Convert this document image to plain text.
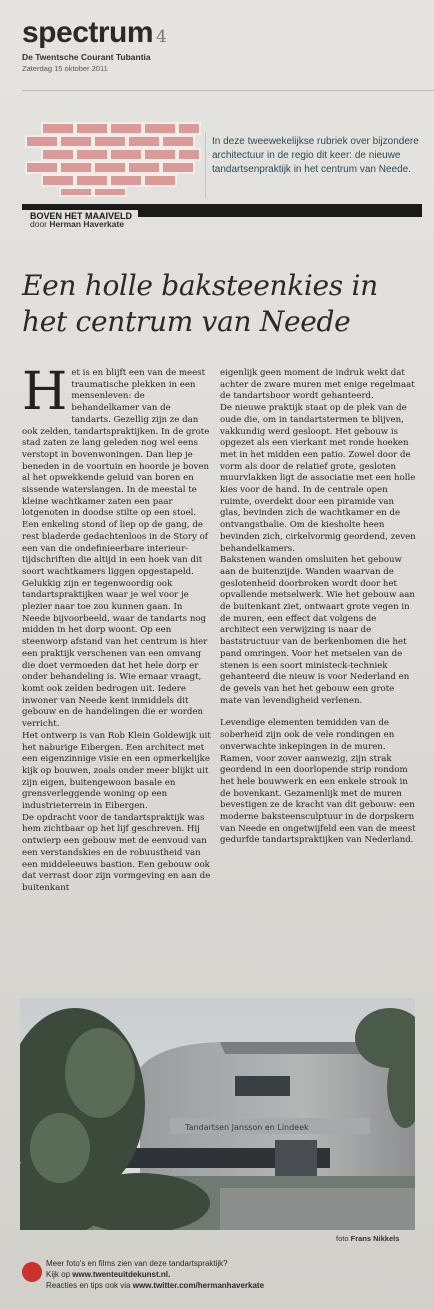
spectrum 4
De Twentsche Courant Tubantia
Zaterdag 15 oktober 2011
In deze tweewekelijkse rubriek over bijzondere architectuur in de regio dit keer: de nieuwe tandartsenpraktijk in het centrum van Neede.
BOVEN HET MAAIVELD
door Herman Haverkate
Een holle baksteenkies in
het centrum van Neede
H et is en blijft een van de meest traumatische plekken in een mensenleven: de behandelkamer van de tandarts. Gezellig zijn ze dan ook zelden, tandartspraktijken. In de grote stad zaten ze lang geleden nog wel eens verstopt in bovenwoningen. Dan liep je beneden in de voortuin en hoorde je boven al het opwekkende geluid van boren en sissende waterslangen. In de meestal te kleine wachtkamer zaten een paar lotgenoten in doodse stilte op een stoel. Een enkeling stond of liep op de gang, de rest bladerde gedachtenloos in de Story of een van die ondefinieerbare interieur-tijdschriften die altijd in een hoek van dit soort wachtkamers liggen opgestapeld.

Gelukkig zijn er tegenwoordig ook tandartspraktijken waar je wel voor je plezier naar toe zou kunnen gaan. In Neede bijvoorbeeld, waar de tandarts nog midden in het dorp woont. Op een steenworp afstand van het centrum is hier een praktijk verschenen van een omvang die doet vermoeden dat het hele dorp er onder behandeling is. Wie ernaar vraagt, komt ook zelden bedrogen uit. Iedere inwoner van Neede kent inmiddels dit gebouw en de handelingen die er worden verricht.

Het ontwerp is van Rob Klein Goldewijk uit het naburige Eibergen. Een architect met een eigenzinnige visie en een opmerkelijke kijk op bouwen, zoals onder meer blijkt uit zijn eigen, buitengewoon basale en grensverleggende woning op een industrieterrein in Eibergen.

De opdracht voor de tandartspraktijk was hem zichtbaar op het lijf geschreven. Hij ontwierp een gebouw met de eenvoud van een verstandskies en de robuustheid van een middeleeuws bastion. Een gebouw ook dat verrast door zijn vormgeving en aan de buitenkant

eigenlijk geen moment de indruk wekt dat achter de zware muren met enige regelmaat de tandartsboor wordt gehanteerd.

De nieuwe praktijk staat op de plek van de oude die, om in tandartstermen te blijven, vakkundig werd gesloopt. Het gebouw is opgezet als een vierkant met ronde hoeken met in het midden een patio. Zowel door de vorm als door de relatief grote, gesloten muurvlakken ligt de associatie met een holle kies voor de hand. In de centrale open ruimte, overdekt door een piramide van glas, bevinden zich de wachtkamer en de ontvangstbalie. Om de kiesholte heen bevinden zich, cirkelvormig geordend, zeven behandelkamers.

Bakstenen wanden omsluiten het gebouw aan de buitenzijde. Wanden waarvan de geslotenheid doorbroken wordt door het opvallende metselwerk. Wie het gebouw aan de buitenkant ziet, ontwaart grote vegen in de muren, een effect dat volgens de architect een verwijzing is naar de baststructuur van de berkenbomen die het pand omringen. Voor het metselen van de stenen is een soort ministeck-techniek gehanteerd die nieuw is voor Nederland en de gevels van het het gebouw een grote mate van levendigheid verlenen.

Levendige elementen temidden van de soberheid zijn ook de vele rondingen en onverwachte inkepingen in de muren. Ramen, voor zover aanwezig, zijn strak geordend in een doorlopende strip rondom het hele bouwwerk en een enkele strook in de bovenkant. Gezamenlijk met de muren bevestigen ze de kracht van dit gebouw: een moderne baksteensculptuur in de dorpskern van Neede en ongetwijfeld een van de meest gedurfde tandartspraktijken van Nederland.

Tandartsen Jansson en Lindeek
foto Frans Nikkels
Meer foto's en films zien van deze tandartspraktijk?
Kijk op www.twenteuitdekunst.nl.
Reacties en tips ook via www.twitter.com/hermanhaverkate
